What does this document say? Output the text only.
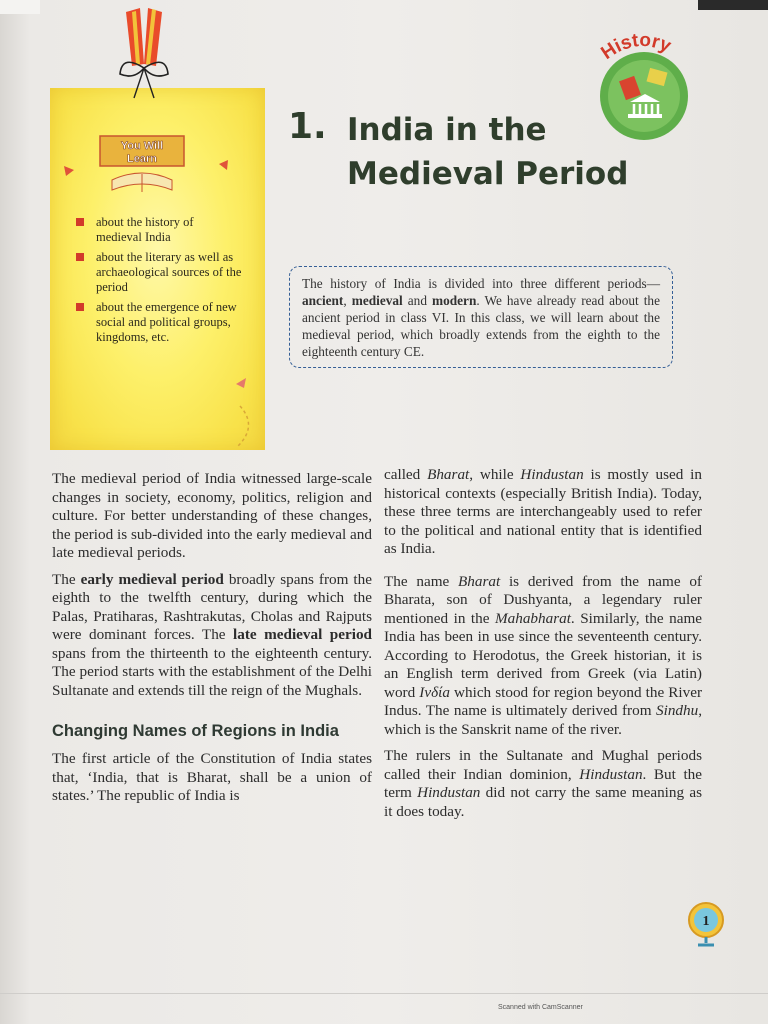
You Will
Learn
about the history of medieval India
about the literary as well as archaeological sources of the period
about the emergence of new social and political groups, kingdoms, etc.
History
1. India in the
Medieval Period
The history of India is divided into three different periods—ancient, medieval and modern. We have already read about the ancient period in class VI. In this class, we will learn about the medieval period, which broadly extends from the eighth to the eighteenth century CE.

The medieval period of India witnessed large-scale changes in society, economy, politics, religion and culture. For better understanding of these changes, the period is sub-divided into the early medieval and late medieval periods.

The early medieval period broadly spans from the eighth to the twelfth century, during which the Palas, Pratiharas, Rashtrakutas, Cholas and Rajputs were dominant forces. The late medieval period spans from the thirteenth to the eighteenth century. The period starts with the establishment of the Delhi Sultanate and extends till the reign of the Mughals.

Changing Names of Regions in India

The first article of the Constitution of India states that, ‘India, that is Bharat, shall be a union of states.’ The republic of India is

called Bharat, while Hindustan is mostly used in historical contexts (especially British India). Today, these three terms are interchangeably used to refer to the political and national entity that is identified as India.

The name Bharat is derived from the name of Bharata, son of Dushyanta, a legendary ruler mentioned in the Mahabharat. Similarly, the name India has been in use since the seventeenth century. According to Herodotus, the Greek historian, it is an English term derived from Greek (via Latin) word Iνδίa which stood for region beyond the River Indus. The name is ultimately derived from Sindhu, which is the Sanskrit name of the river.

The rulers in the Sultanate and Mughal periods called their Indian dominion, Hindustan. But the term Hindustan did not carry the same meaning as it does today.

1
Scanned with CamScanner
